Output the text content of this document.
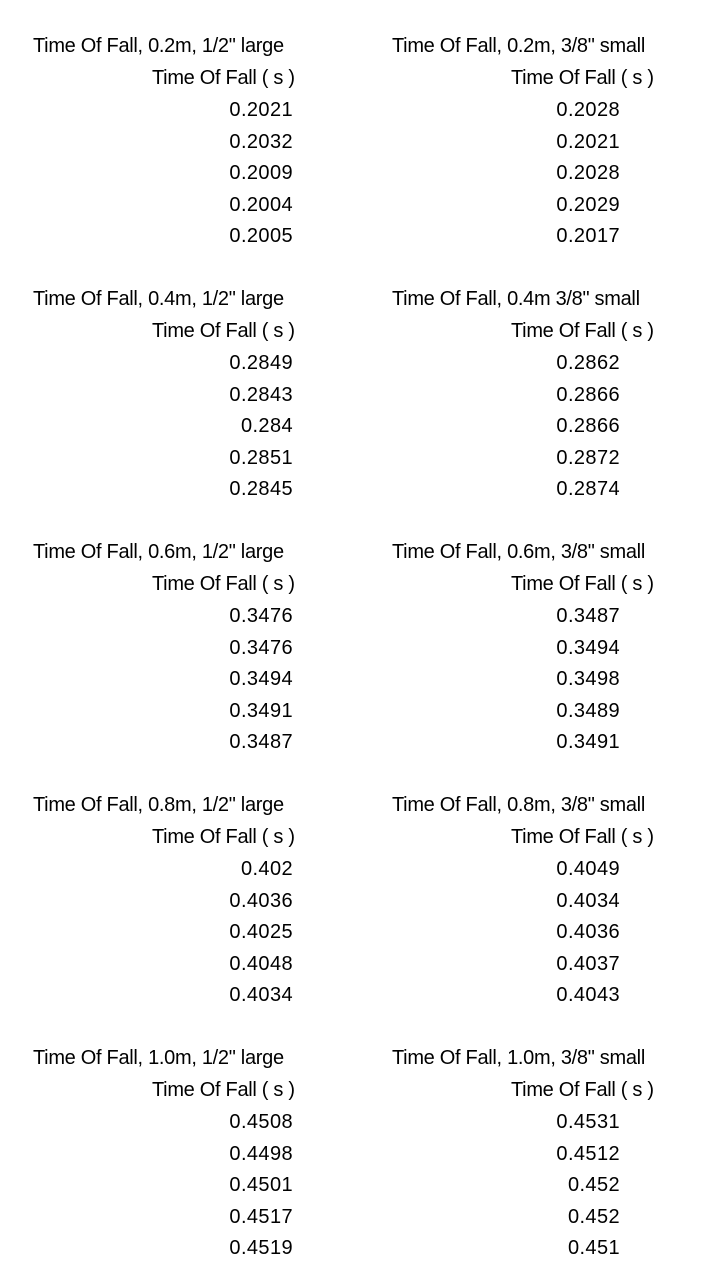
Time Of Fall, 0.2m, 1/2" large
Time Of Fall ( s )
0.2021
0.2032
0.2009
0.2004
0.2005
Time Of Fall, 0.2m, 3/8" small
Time Of Fall ( s )
0.2028
0.2021
0.2028
0.2029
0.2017
Time Of Fall, 0.4m, 1/2" large
Time Of Fall ( s )
0.2849
0.2843
0.284
0.2851
0.2845
Time Of Fall, 0.4m 3/8" small
Time Of Fall ( s )
0.2862
0.2866
0.2866
0.2872
0.2874
Time Of Fall, 0.6m, 1/2" large
Time Of Fall ( s )
0.3476
0.3476
0.3494
0.3491
0.3487
Time Of Fall, 0.6m, 3/8" small
Time Of Fall ( s )
0.3487
0.3494
0.3498
0.3489
0.3491
Time Of Fall, 0.8m, 1/2" large
Time Of Fall ( s )
0.402
0.4036
0.4025
0.4048
0.4034
Time Of Fall, 0.8m, 3/8" small
Time Of Fall ( s )
0.4049
0.4034
0.4036
0.4037
0.4043
Time Of Fall, 1.0m, 1/2" large
Time Of Fall ( s )
0.4508
0.4498
0.4501
0.4517
0.4519
Time Of Fall, 1.0m, 3/8" small
Time Of Fall ( s )
0.4531
0.4512
0.452
0.452
0.451
